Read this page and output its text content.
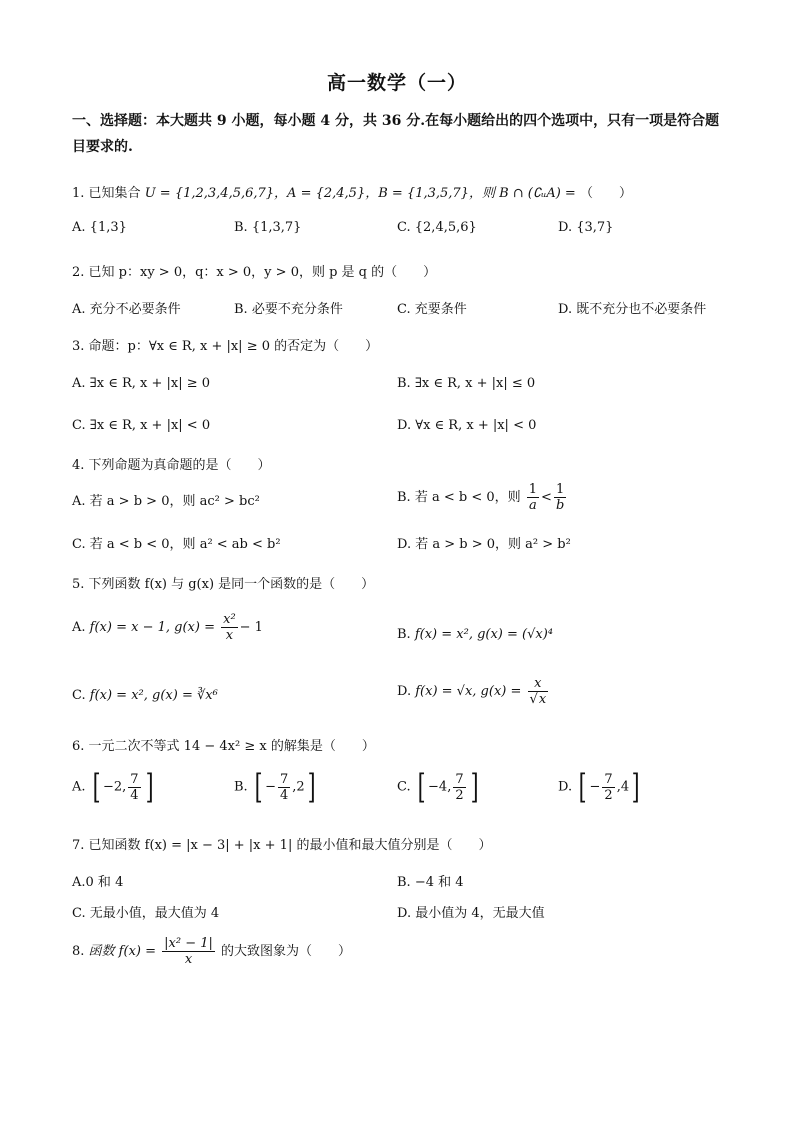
高一数学（一）
一、选择题：本大题共 9 小题，每小题 4 分，共 36 分.在每小题给出的四个选项中，只有一项是符合题目要求的.
1. 已知集合 U = {1,2,3,4,5,6,7}，A = {2,4,5}，B = {1,3,5,7}，则 B ∩ (∁ᵤA) = （　　）
A. {1,3}	B. {1,3,7}	C. {2,4,5,6}	D. {3,7}
2. 已知 p：xy > 0，q：x > 0，y > 0，则 p 是 q 的（　　）
A. 充分不必要条件	B. 必要不充分条件	C. 充要条件	D. 既不充分也不必要条件
3. 命题：p：∀x ∈ R, x + |x| ≥ 0 的否定为（　　）
A. ∃x ∈ R, x + |x| ≥ 0	B. ∃x ∈ R, x + |x| ≤ 0
C. ∃x ∈ R, x + |x| < 0	D. ∀x ∈ R, x + |x| < 0
4. 下列命题为真命题的是（　　）
A. 若 a > b > 0，则 ac² > bc²	B. 若 a < b < 0，则 $\frac{1}{a} < \frac{1}{b}$
C. 若 a < b < 0，则 a² < ab < b²	D. 若 a > b > 0，则 a² > b²
5. 下列函数 f(x) 与 g(x) 是同一个函数的是（　　）
A. f(x) = x − 1, $g(x) = \frac{\text{x²}}{x} - 1$	B. f(x) = x², g(x) = (√x)⁴
C. f(x) = x², g(x) = ∛x⁶	D. f(x) = √x, $g(x) = \frac{x}{√x}$
6. 一元二次不等式 14 − 4x² ≥ x 的解集是（　　）
A. [ −2, $\frac{7}{4}$ ]	B. [ − $\frac{7}{4} ,2$]	C. [ −4, $\frac{7}{2}$ ]	D. [ − $\frac{7}{2} ,4$]
7. 已知函数 f(x) = |x − 3| + |x + 1| 的最小值和最大值分别是（　　）
A.0 和 4	B. −4 和 4
C. 无最小值，最大值为 4	D. 最小值为 4，无最大值
8. 函数 $f(x) = \frac{\text{|x² − 1|}}{x}$ 的大致图象为（　　）
